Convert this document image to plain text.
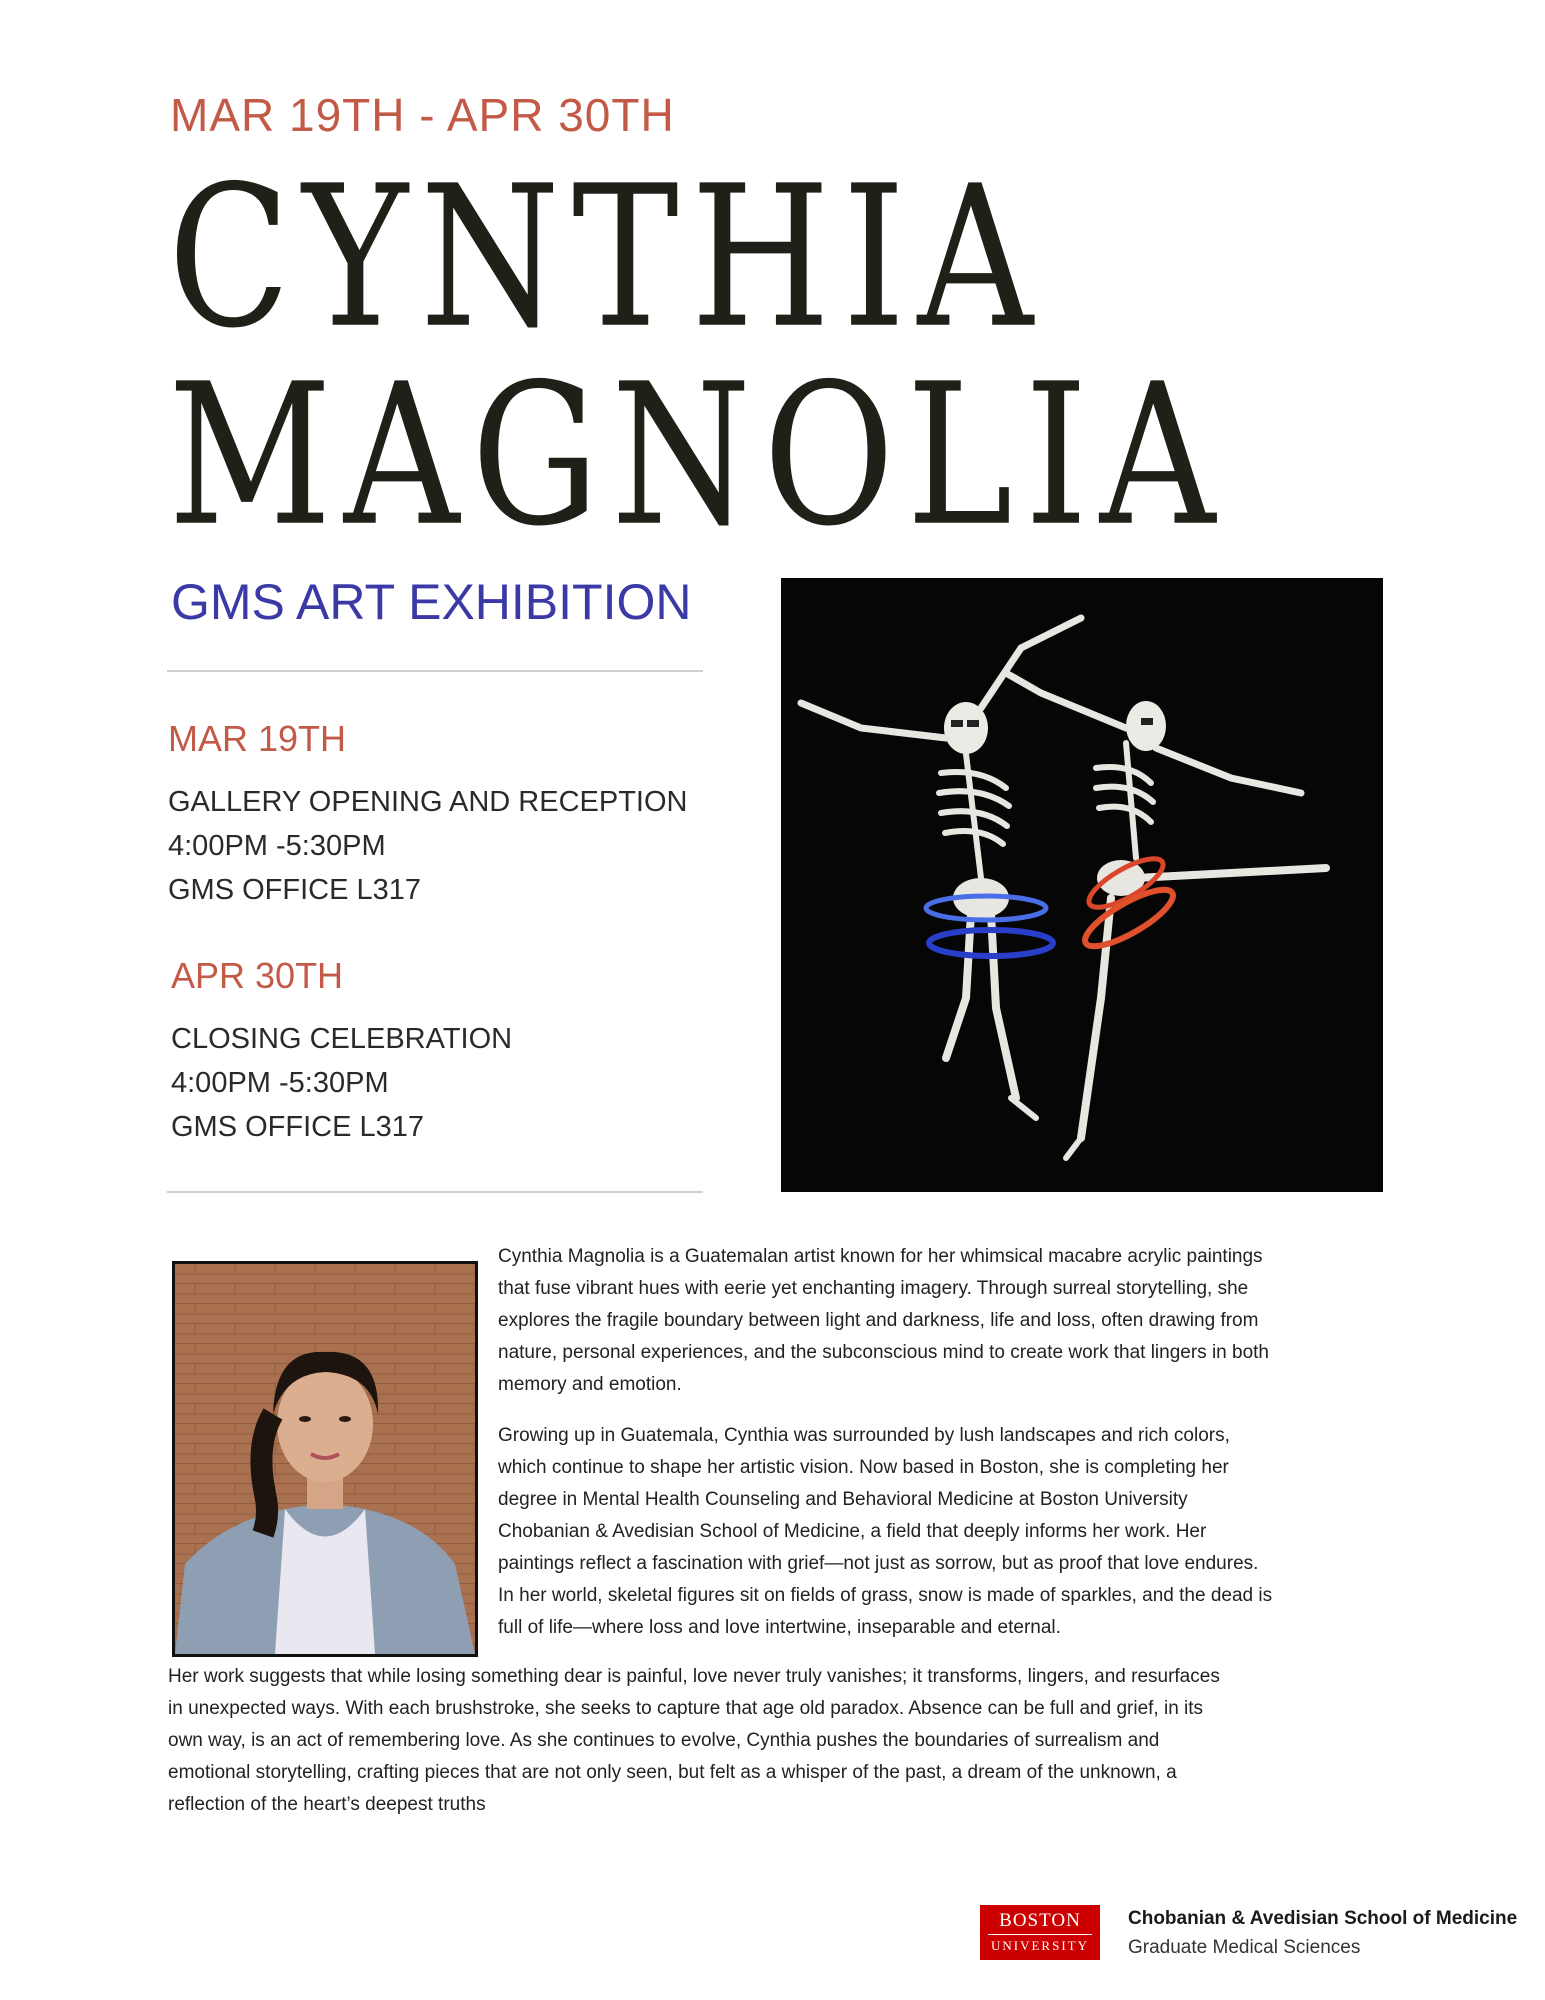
MAR 19TH - APR 30TH
CYNTHIA
MAGNOLIA
GMS ART EXHIBITION
MAR 19TH
GALLERY OPENING AND RECEPTION
4:00PM -5:30PM
GMS OFFICE L317
APR 30TH
CLOSING CELEBRATION
4:00PM -5:30PM
GMS OFFICE L317
Cynthia Magnolia is a Guatemalan artist known for her whimsical macabre acrylic paintings
that fuse vibrant hues with eerie yet enchanting imagery. Through surreal storytelling, she
explores the fragile boundary between light and darkness, life and loss, often drawing from
nature, personal experiences, and the subconscious mind to create work that lingers in both
memory and emotion.
Growing up in Guatemala, Cynthia was surrounded by lush landscapes and rich colors,
which continue to shape her artistic vision. Now based in Boston, she is completing her
degree in Mental Health Counseling and Behavioral Medicine at Boston University
Chobanian & Avedisian School of Medicine, a field that deeply informs her work. Her
paintings reflect a fascination with grief—not just as sorrow, but as proof that love endures.
In her world, skeletal figures sit on fields of grass, snow is made of sparkles, and the dead is
full of life—where loss and love intertwine, inseparable and eternal.
Her work suggests that while losing something dear is painful, love never truly vanishes; it transforms, lingers, and resurfaces
in unexpected ways. With each brushstroke, she seeks to capture that age old paradox. Absence can be full and grief, in its
own way, is an act of remembering love. As she continues to evolve, Cynthia pushes the boundaries of surrealism and
emotional storytelling, crafting pieces that are not only seen, but felt as a whisper of the past, a dream of the unknown, a
reflection of the heart’s deepest truths
BOSTON
UNIVERSITY
Chobanian & Avedisian School of Medicine
Graduate Medical Sciences
